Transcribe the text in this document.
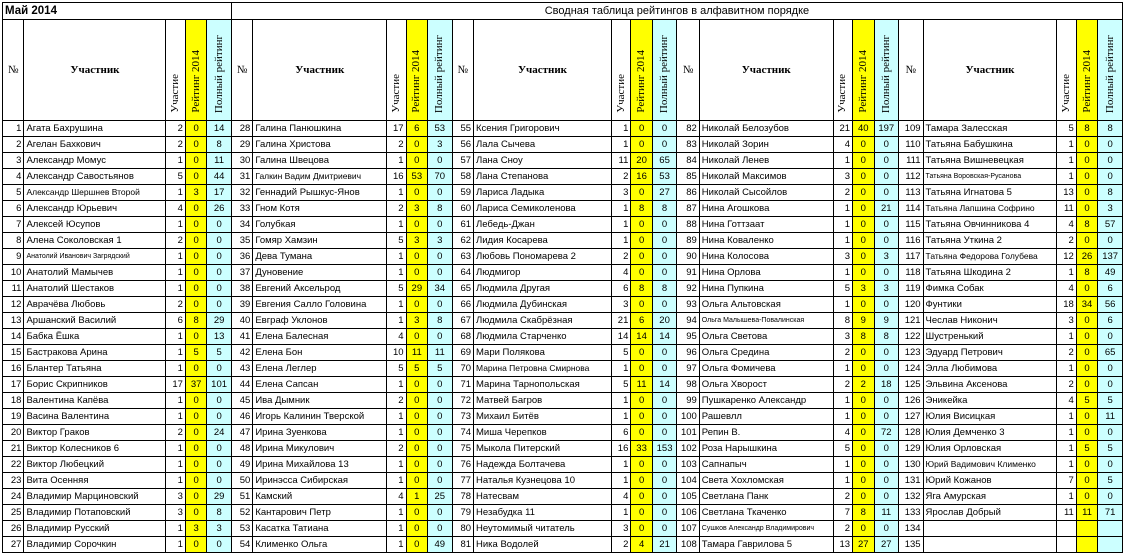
Май 2014					Сводная таблица рейтингов в алфавитном порядке																			
№	Участник	Участие	Рейтинг 2014	Полный рейтинг	№	Участник	Участие	Рейтинг 2014	Полный рейтинг	№	Участник	Участие	Рейтинг 2014	Полный рейтинг	№	Участник	Участие	Рейтинг 2014	Полный рейтинг	№	Участник	Участие	Рейтинг 2014	Полный рейтинг
1	Агата Бахрушина	2	0	14	28	Галина Панюшкина	17	6	53	55	Ксения Григорович	1	0	0	82	Николай Белозубов	21	40	197	109	Тамара Залесская	5	8	8
2	Агелан Бахкович	2	0	8	29	Галина Христова	2	0	3	56	Лала Сычева	1	0	0	83	Николай Зорин	4	0	0	110	Татьяна Бабушкина	1	0	0
3	Александр Момус	1	0	11	30	Галина Швецова	1	0	0	57	Лана Сноу	11	20	65	84	Николай Ленев	1	0	0	111	Татьяна Вишневецкая	1	0	0
4	Александр Савостьянов	5	0	44	31	Галкин Вадим Дмитриевич	16	53	70	58	Лана Степанова	2	16	53	85	Николай Максимов	3	0	0	112	Татьяна Воровская-Русанова	1	0	0
5	Александр Шершнев Второй	1	3	17	32	Геннадий Рышкус-Янов	1	0	0	59	Лариса Ладыка	3	0	27	86	Николай Сысойлов	2	0	0	113	Татьяна Игнатова 5	13	0	8
6	Александр Юрьевич	4	0	26	33	Гном Котя	2	3	8	60	Лариса Семиколенова	1	8	8	87	Нина Агошкова	1	0	21	114	Татьяна Лапшина Софрино	11	0	3
7	Алексей Юсупов	1	0	0	34	Голубкая	1	0	0	61	Лебедь-Джан	1	0	0	88	Нина Готтзаат	1	0	0	115	Татьяна Овчинникова 4	4	8	57
8	Алена Соколовская 1	2	0	0	35	Гомяр Хамзин	5	3	3	62	Лидия Косарева	1	0	0	89	Нина Коваленко	1	0	0	116	Татьяна Уткина 2	2	0	0
9	Анатолий Иванович Загрядский	1	0	0	36	Дева Тумана	1	0	0	63	Любовь Пономарева 2	2	0	0	90	Нина Колосова	3	0	3	117	Татьяна Федорова Голубева	12	26	137
10	Анатолий Мамычев	1	0	0	37	Дуновение	1	0	0	64	Людмигор	4	0	0	91	Нина Орлова	1	0	0	118	Татьяна Шкодина 2	1	8	49
11	Анатолий Шестаков	1	0	0	38	Евгений Аксельрод	5	29	34	65	Людмила Другая	6	8	8	92	Нина Пупкина	5	3	3	119	Фимка Собак	4	0	6
12	Аврачёва Любовь	2	0	0	39	Евгения Салло Головина	1	0	0	66	Людмила Дубинская	3	0	0	93	Ольга Альтовская	1	0	0	120	Фунтики	18	34	56
13	Аршанский Василий	6	8	29	40	Евграф Уклонов	1	3	8	67	Людмила Скабрёзная	21	6	20	94	Ольга Малышева-Повалинская	8	9	9	121	Чеслав Никонич	3	0	6
14	Бабка Ёшка	1	0	13	41	Елена Балесная	4	0	0	68	Людмила Старченко	14	14	14	95	Ольга Светова	3	8	8	122	Шустренький	1	0	0
15	Бастракова Арина	1	5	5	42	Елена Бон	10	11	11	69	Мари Полякова	5	0	0	96	Ольга Средина	2	0	0	123	Эдуард Петрович	2	0	65
16	Блантер Татьяна	1	0	0	43	Елена Леглер	5	5	5	70	Марина Петровна Смирнова	1	0	0	97	Ольга Фомичева	1	0	0	124	Элла Любимова	1	0	0
17	Борис Скрипников	17	37	101	44	Елена Сапсан	1	0	0	71	Марина Тарнопольская	5	11	14	98	Ольга Хворост	2	2	18	125	Эльвина Аксенова	2	0	0
18	Валентина Капёва	1	0	0	45	Ива Дымник	2	0	0	72	Матвей Багров	1	0	0	99	Пушкаренко Александр	1	0	0	126	Эникейка	4	5	5
19	Васина Валентина	1	0	0	46	Игорь Калинин Тверской	1	0	0	73	Михаил Битёв	1	0	0	100	Рашевлл	1	0	0	127	Юлия Висицкая	1	0	11
20	Виктор Граков	2	0	24	47	Ирина Зуенкова	1	0	0	74	Миша Черепков	6	0	0	101	Репин В.	4	0	72	128	Юлия Демченко 3	1	0	0
21	Виктор Колесников 6	1	0	0	48	Ирина Микулович	2	0	0	75	Мыкола Питерский	16	33	153	102	Роза Нарышкина	5	0	0	129	Юлия Орловская	1	5	5
22	Виктор Любецкий	1	0	0	49	Ирина Михайлова 13	1	0	0	76	Надежда Болтачева	1	0	0	103	Сапнапыч	1	0	0	130	Юрий Вадимович Клименко	1	0	0
23	Вита Осенняя	1	0	0	50	Иринэсса Сибирская	1	0	0	77	Наталья Кузнецова 10	1	0	0	104	Света Хохломская	1	0	0	131	Юрий Кожанов	7	0	5
24	Владимир Марциновский	3	0	29	51	Камский	4	1	25	78	Натесвам	4	0	0	105	Светлана Панк	2	0	0	132	Яга Амурская	1	0	0
25	Владимир Потаповский	3	0	8	52	Кантарович Петр	1	0	0	79	Незабудка 11	1	0	0	106	Светлана Ткаченко	7	8	11	133	Ярослав Добрый	11	11	71
26	Владимир Русский	1	3	3	53	Касатка Татиана	1	0	0	80	Неутомимый читатель	3	0	0	107	Сушков Александр Владимирович	2	0	0	134				
27	Владимир Сорочкин	1	0	0	54	Клименко Ольга	1	0	49	81	Ника Водолей	2	4	21	108	Тамара Гаврилова 5	13	27	27	135				
